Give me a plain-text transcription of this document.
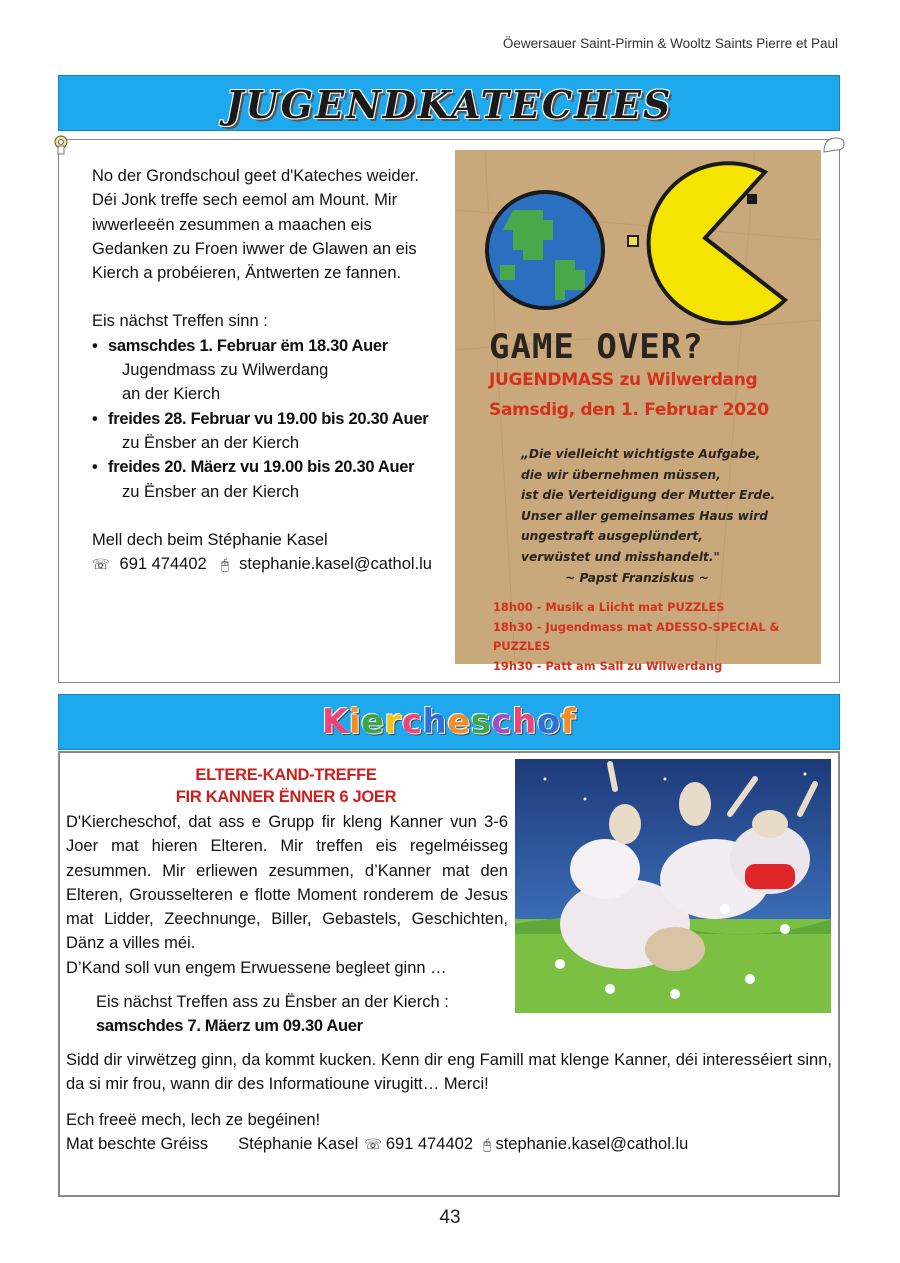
Öewersauer Saint-Pirmin & Wooltz Saints Pierre et Paul
JUGENDKATECHES
No der Grondschoul geet d'Kateches weider. Déi Jonk treffe sech eemol am Mount. Mir iwwerleeën zesummen a maachen eis Gedanken zu Froen iwwer de Glawen an eis Kierch a probéieren, Äntwerten ze fannen.
Eis nächst Treffen sinn :
• samschdes 1. Februar ëm 18.30 Auer
Jugendmass zu Wilwerdang
an der Kierch
• freides 28. Februar vu 19.00 bis 20.30 Auer
zu Ënsber an der Kierch
• freides 20. Mäerz vu 19.00 bis 20.30 Auer
zu Ënsber an der Kierch
Mell dech beim Stéphanie Kasel
☏ 691 474402 🖰 stephanie.kasel@cathol.lu
GAME OVER?
JUGENDMASS zu Wilwerdang
Samsdig, den 1. Februar 2020
„Die vielleicht wichtigste Aufgabe,
die wir übernehmen müssen,
ist die Verteidigung der Mutter Erde.
Unser aller gemeinsames Haus wird
ungestraft ausgeplündert,
verwüstet und misshandelt."
~ Papst Franziskus ~
18h00 - Musik a Liicht mat PUZZLES
18h30 - Jugendmass mat ADESSO-SPECIAL & PUZZLES
19h30 - Patt am Sall zu Wilwerdang
Kiercheschof
ELTERE-KAND-TREFFE
FIR KANNER ËNNER 6 JOER
D'Kiercheschof, dat ass e Grupp fir kleng Kanner vun 3-6 Joer mat hieren Elteren. Mir treffen eis regelméisseg zesummen. Mir erliewen zesummen, d’Kanner mat den Elteren, Grousselteren e flotte Moment ronderem de Jesus mat Lidder, Zeechnunge, Biller, Gebastels, Geschichten, Dänz a villes méi.
D’Kand soll vun engem Erwuessene begleet ginn …
Eis nächst Treffen ass zu Ënsber an der Kierch :
samschdes 7. Mäerz um 09.30 Auer
Sidd dir virwëtzeg ginn, da kommt kucken. Kenn dir eng Famill mat klenge Kanner, déi interesséiert sinn, da si mir frou, wann dir des Informatioune virugitt… Merci!
Ech freeë mech, lech ze begéinen!
Mat beschte Gréiss Stéphanie Kasel ☏ 691 474402 🖰 stephanie.kasel@cathol.lu
43
